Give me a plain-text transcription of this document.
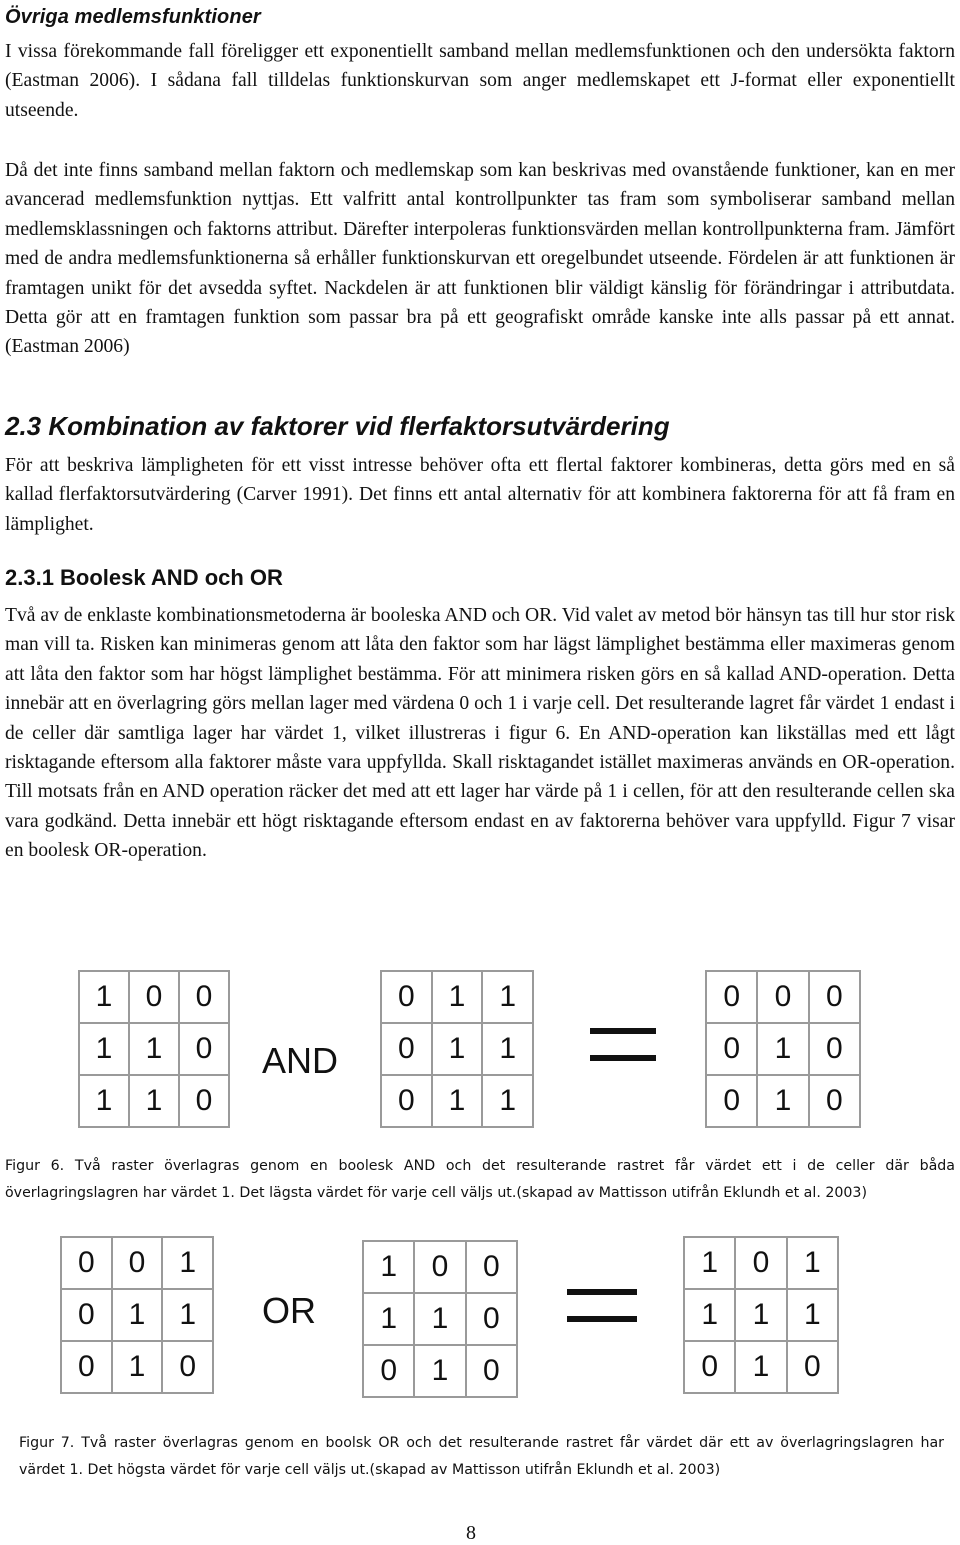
Övriga medlemsfunktioner

I vissa förekommande fall föreligger ett exponentiellt samband mellan medlemsfunktionen och den undersökta faktorn (Eastman 2006). I sådana fall tilldelas funktionskurvan som anger medlemskapet ett J-format eller exponentiellt utseende.

Då det inte finns samband mellan faktorn och medlemskap som kan beskrivas med ovanstående funktioner, kan en mer avancerad medlemsfunktion nyttjas. Ett valfritt antal kontrollpunkter tas fram som symboliserar samband mellan medlemsklassningen och faktorns attribut. Därefter interpoleras funktionsvärden mellan kontrollpunkterna fram. Jämfört med de andra medlemsfunktionerna så erhåller funktionskurvan ett oregelbundet utseende. Fördelen är att funktionen är framtagen unikt för det avsedda syftet. Nackdelen är att funktionen blir väldigt känslig för förändringar i attributdata. Detta gör att en framtagen funktion som passar bra på ett geografiskt område kanske inte alls passar på ett annat.(Eastman 2006)

2.3 Kombination av faktorer vid flerfaktorsutvärdering

För att beskriva lämpligheten för ett visst intresse behöver ofta ett flertal faktorer kombineras, detta görs med en så kallad flerfaktorsutvärdering (Carver 1991). Det finns ett antal alternativ för att kombinera faktorerna för att få fram en lämplighet.

2.3.1 Boolesk AND och OR

Två av de enklaste kombinationsmetoderna är booleska AND och OR. Vid valet av metod bör hänsyn tas till hur stor risk man vill ta. Risken kan minimeras genom att låta den faktor som har lägst lämplighet bestämma eller maximeras genom att låta den faktor som har högst lämplighet bestämma. För att minimera risken görs en så kallad AND-operation. Detta innebär att en överlagring görs mellan lager med värdena 0 och 1 i varje cell. Det resulterande lagret får värdet 1 endast i de celler där samtliga lager har värdet 1, vilket illustreras i figur 6. En AND-operation kan likställas med ett lågt risktagande eftersom alla faktorer måste vara uppfyllda. Skall risktagandet istället maximeras används en OR-operation. Till motsats från en AND operation räcker det med att ett lager har värde på 1 i cellen, för att den resulterande cellen ska vara godkänd. Detta innebär ett högt risktagande eftersom endast en av faktorerna behöver vara uppfylld. Figur 7 visar en boolesk OR-operation.

1	0	0
1	1	0
1	1	0
AND
0	1	1
0	1	1
0	1	1
0	0	0
0	1	0
0	1	0

Figur 6. Två raster överlagras genom en boolesk AND och det resulterande rastret får värdet ett i de celler där båda överlagringslagren har värdet 1. Det lägsta värdet för varje cell väljs ut.(skapad av Mattisson utifrån Eklundh et al. 2003)

0	0	1
0	1	1
0	1	0
OR
1	0	0
1	1	0
0	1	0
1	0	1
1	1	1
0	1	0

Figur 7. Två raster överlagras genom en boolsk OR och det resulterande rastret får värdet där ett av överlagringslagren har värdet 1. Det högsta värdet för varje cell väljs ut.(skapad av Mattisson utifrån Eklundh et al. 2003)

8
